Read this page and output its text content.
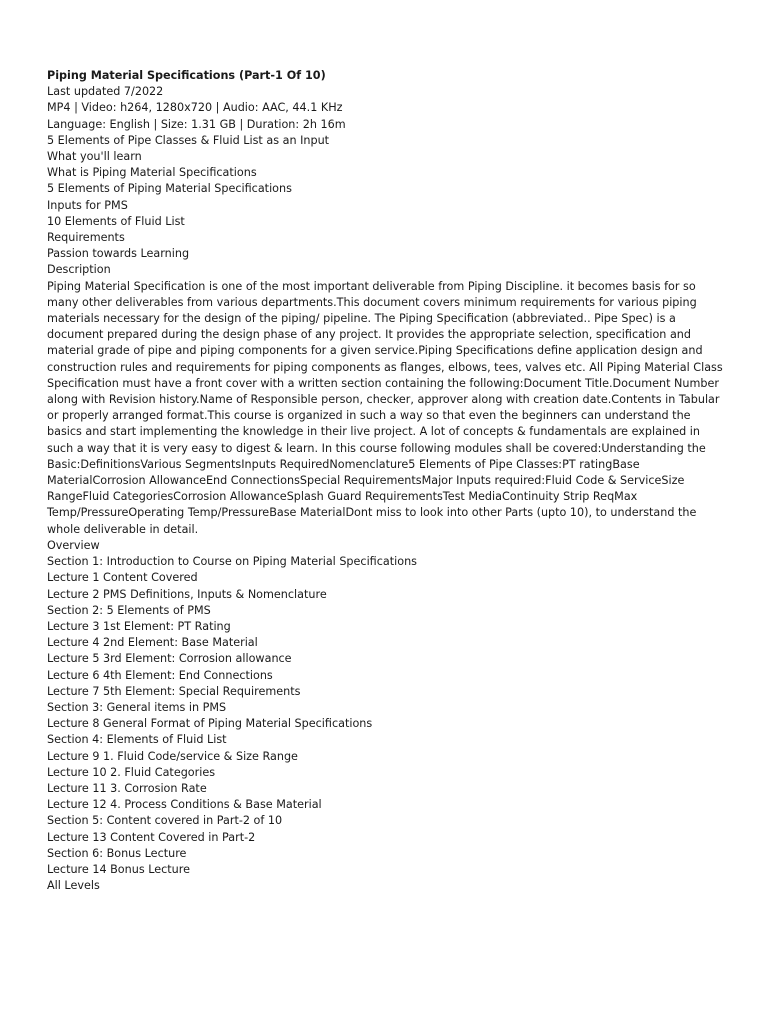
Piping Material Specifications (Part-1 Of 10)
Last updated 7/2022
MP4 | Video: h264, 1280x720 | Audio: AAC, 44.1 KHz
Language: English | Size: 1.31 GB | Duration: 2h 16m
5 Elements of Pipe Classes & Fluid List as an Input
What you'll learn
What is Piping Material Specifications
5 Elements of Piping Material Specifications
Inputs for PMS
10 Elements of Fluid List
Requirements
Passion towards Learning
Description
Piping Material Specification is one of the most important deliverable from Piping Discipline. it becomes basis for so many other deliverables from various departments.This document covers minimum requirements for various piping materials necessary for the design of the piping/ pipeline. The Piping Specification (abbreviated.. Pipe Spec) is a document prepared during the design phase of any project. It provides the appropriate selection, specification and material grade of pipe and piping components for a given service.Piping Specifications define application design and construction rules and requirements for piping components as flanges, elbows, tees, valves etc. All Piping Material Class Specification must have a front cover with a written section containing the following:Document Title.Document Number along with Revision history.Name of Responsible person, checker, approver along with creation date.Contents in Tabular or properly arranged format.This course is organized in such a way so that even the beginners can understand the basics and start implementing the knowledge in their live project. A lot of concepts & fundamentals are explained in such a way that it is very easy to digest & learn. In this course following modules shall be covered:Understanding the Basic:DefinitionsVarious SegmentsInputs RequiredNomenclature5 Elements of Pipe Classes:PT ratingBase MaterialCorrosion AllowanceEnd ConnectionsSpecial RequirementsMajor Inputs required:Fluid Code & ServiceSize RangeFluid CategoriesCorrosion AllowanceSplash Guard RequirementsTest MediaContinuity Strip ReqMax Temp/PressureOperating Temp/PressureBase MaterialDont miss to look into other Parts (upto 10), to understand the whole deliverable in detail.
Overview
Section 1: Introduction to Course on Piping Material Specifications
Lecture 1 Content Covered
Lecture 2 PMS Definitions, Inputs & Nomenclature
Section 2: 5 Elements of PMS
Lecture 3 1st Element: PT Rating
Lecture 4 2nd Element: Base Material
Lecture 5 3rd Element: Corrosion allowance
Lecture 6 4th Element: End Connections
Lecture 7 5th Element: Special Requirements
Section 3: General items in PMS
Lecture 8 General Format of Piping Material Specifications
Section 4: Elements of Fluid List
Lecture 9 1. Fluid Code/service & Size Range
Lecture 10 2. Fluid Categories
Lecture 11 3. Corrosion Rate
Lecture 12 4. Process Conditions & Base Material
Section 5: Content covered in Part-2 of 10
Lecture 13 Content Covered in Part-2
Section 6: Bonus Lecture
Lecture 14 Bonus Lecture
All Levels
